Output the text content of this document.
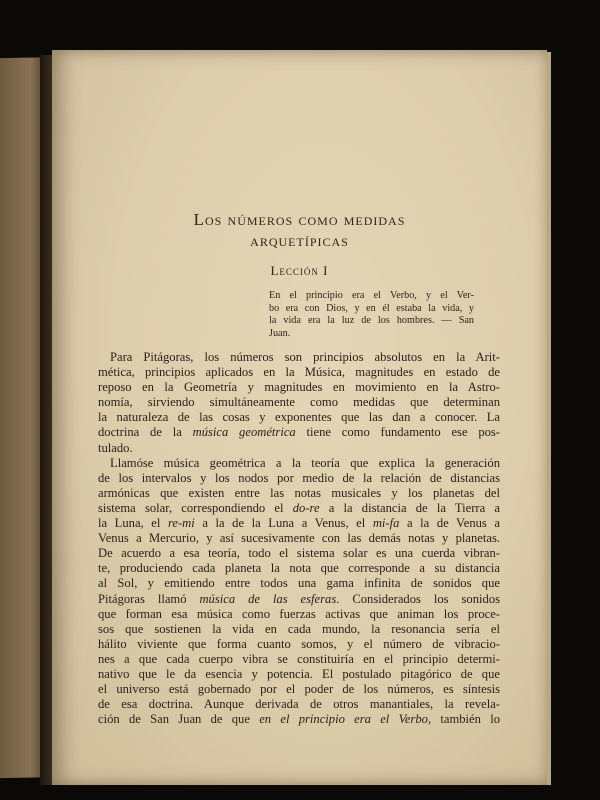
Los números como medidas
arquetípicas
Lección I
En el principio era el Verbo, y el Ver-
bo era con Dios, y en él estaba la vida, y
la vida era la luz de los hombres. — San
Juan.
Para Pitágoras, los números son principios absolutos en la Arit-
mética, principios aplicados en la Música, magnitudes en estado de
reposo en la Geometría y magnitudes en movimiento en la Astro-
nomía, sirviendo simultáneamente como medidas que determinan
la naturaleza de las cosas y exponentes que las dan a conocer. La
doctrina de la música geométrica tiene como fundamento ese pos-
tulado.
Llamóse música geométrica a la teoría que explica la generación
de los intervalos y los nodos por medio de la relación de distancias
armónicas que existen entre las notas musicales y los planetas del
sistema solar, correspondiendo el do-re a la distancia de la Tierra a
la Luna, el re-mi a la de la Luna a Venus, el mi-fa a la de Venus a
Venus a Mercurio, y así sucesivamente con las demás notas y planetas.
De acuerdo a esa teoría, todo el sistema solar es una cuerda vibran-
te, produciendo cada planeta la nota que corresponde a su distancia
al Sol, y emitiendo entre todos una gama infinita de sonidos que
Pitágoras llamó música de las esferas. Considerados los sonidos
que forman esa música como fuerzas activas que animan los proce-
sos que sostienen la vida en cada mundo, la resonancia sería el
hálito viviente que forma cuanto somos, y el número de vibracio-
nes a que cada cuerpo vibra se constituiría en el principio determi-
nativo que le da esencia y potencia. El postulado pitagórico de que
el universo está gobernado por el poder de los números, es síntesis
de esa doctrina. Aunque derivada de otros manantiales, la revela-
ción de San Juan de que en el principio era el Verbo, también lo
